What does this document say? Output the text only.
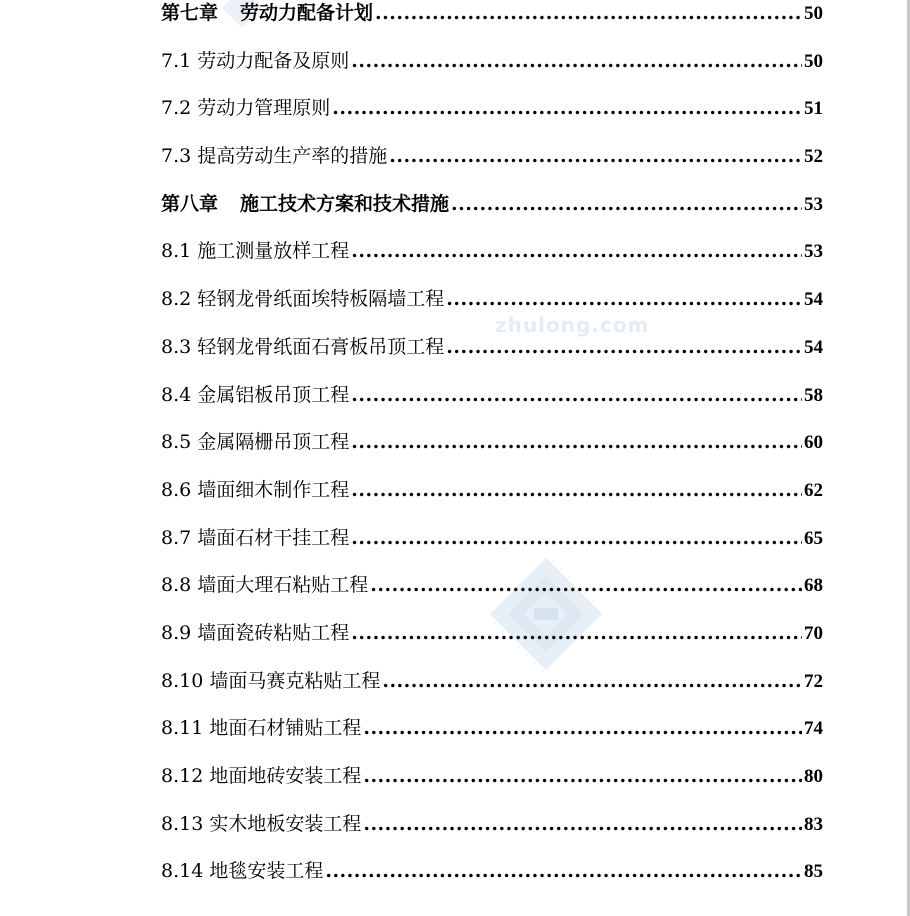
zhulong.com
第七章 劳动力配备计划 .....	50
7.1 劳动力配备及原则 .....	50
7.2 劳动力管理原则 .....	51
7.3 提高劳动生产率的措施 .....	52
第八章 施工技术方案和技术措施 .....	53
8.1 施工测量放样工程 .....	53
8.2 轻钢龙骨纸面埃特板隔墙工程 .....	54
8.3 轻钢龙骨纸面石膏板吊顶工程 .....	54
8.4 金属铝板吊顶工程 .....	58
8.5 金属隔栅吊顶工程 .....	60
8.6 墙面细木制作工程 .....	62
8.7 墙面石材干挂工程 .....	65
8.8 墙面大理石粘贴工程 .....	68
8.9 墙面瓷砖粘贴工程 .....	70
8.10 墙面马赛克粘贴工程 .....	72
8.11 地面石材铺贴工程 .....	74
8.12 地面地砖安装工程 .....	80
8.13 实木地板安装工程 .....	83
8.14 地毯安装工程 .....	85
